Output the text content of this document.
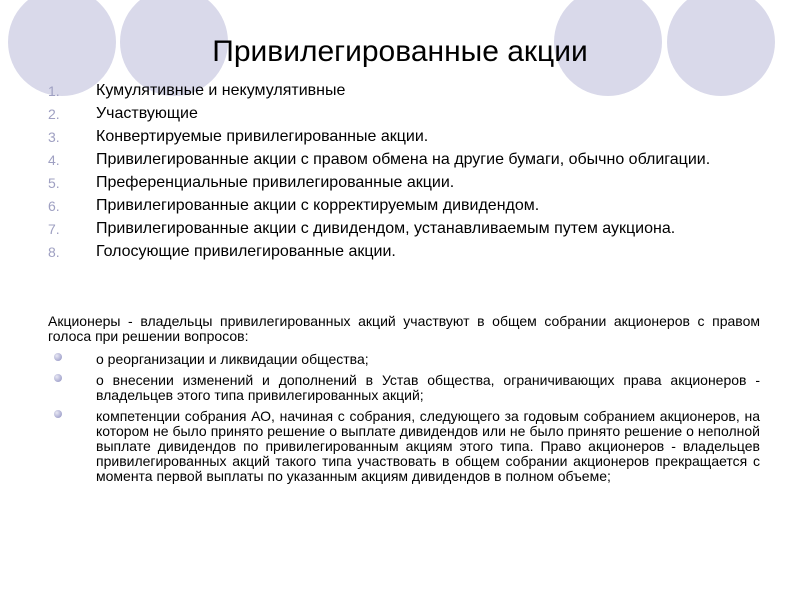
Привилегированные акции
1.	Кумулятивные и некумулятивные
2.	Участвующие
3.	Конвертируемые привилегированные акции.
4.	Привилегированные акции с правом обмена на другие бумаги, обычно облигации.
5.	Преференциальные привилегированные акции.
6.	Привилегированные акции с корректируемым дивидендом.
7.	Привилегированные акции с дивидендом, устанавливаемым путем аукциона.
8.	Голосующие привилегированные акции.
Акционеры - владельцы привилегированных акций участвуют в общем собрании акционеров с правом голоса при решении вопросов:
о реорганизации и ликвидации общества;
о внесении изменений и дополнений в Устав общества, ограничивающих права акционеров - владельцев этого типа привилегированных акций;
компетенции собрания АО, начиная с собрания, следующего за годовым собранием акционеров, на котором не было принято решение о выплате дивидендов или не было принято решение о неполной выплате дивидендов по привилегированным акциям этого типа. Право акционеров - владельцев привилегированных акций такого типа участвовать в общем собрании акционеров прекращается с момента первой выплаты по указанным акциям дивидендов в полном объеме;
